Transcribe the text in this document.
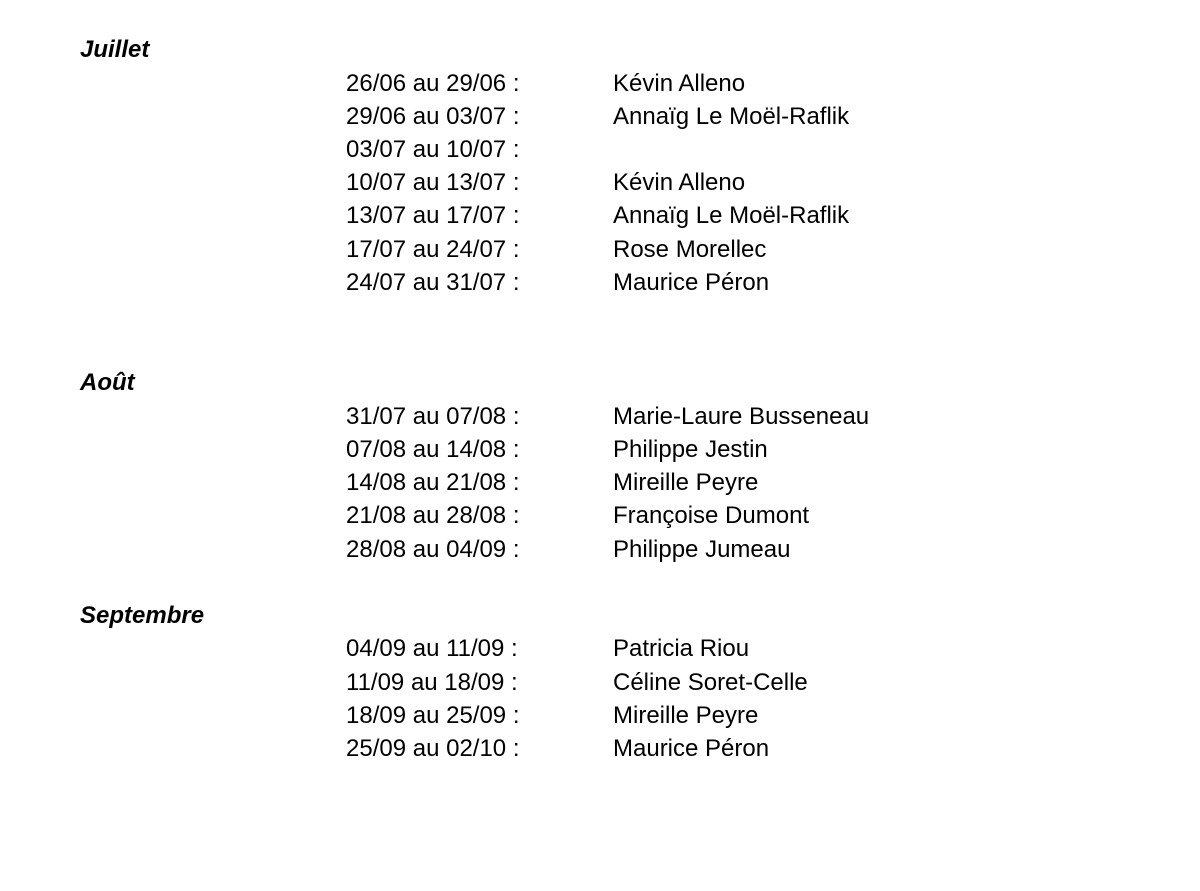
Juillet
26/06 au 29/06 :	Kévin Alleno
29/06 au 03/07 :	Annaïg Le Moël-Raflik
03/07 au 10/07 :
10/07 au 13/07 :	Kévin Alleno
13/07 au 17/07 :	Annaïg Le Moël-Raflik
17/07 au 24/07 :	Rose Morellec
24/07 au 31/07 :	Maurice Péron
Août
31/07 au 07/08 :	Marie-Laure Busseneau
07/08 au 14/08 :	Philippe Jestin
14/08 au 21/08 :	Mireille Peyre
21/08 au 28/08 :	Françoise Dumont
28/08 au 04/09 :	Philippe Jumeau
Septembre
04/09 au 11/09 :	Patricia Riou
11/09 au 18/09 :	Céline Soret-Celle
18/09 au 25/09 :	Mireille Peyre
25/09 au 02/10 :	Maurice Péron
